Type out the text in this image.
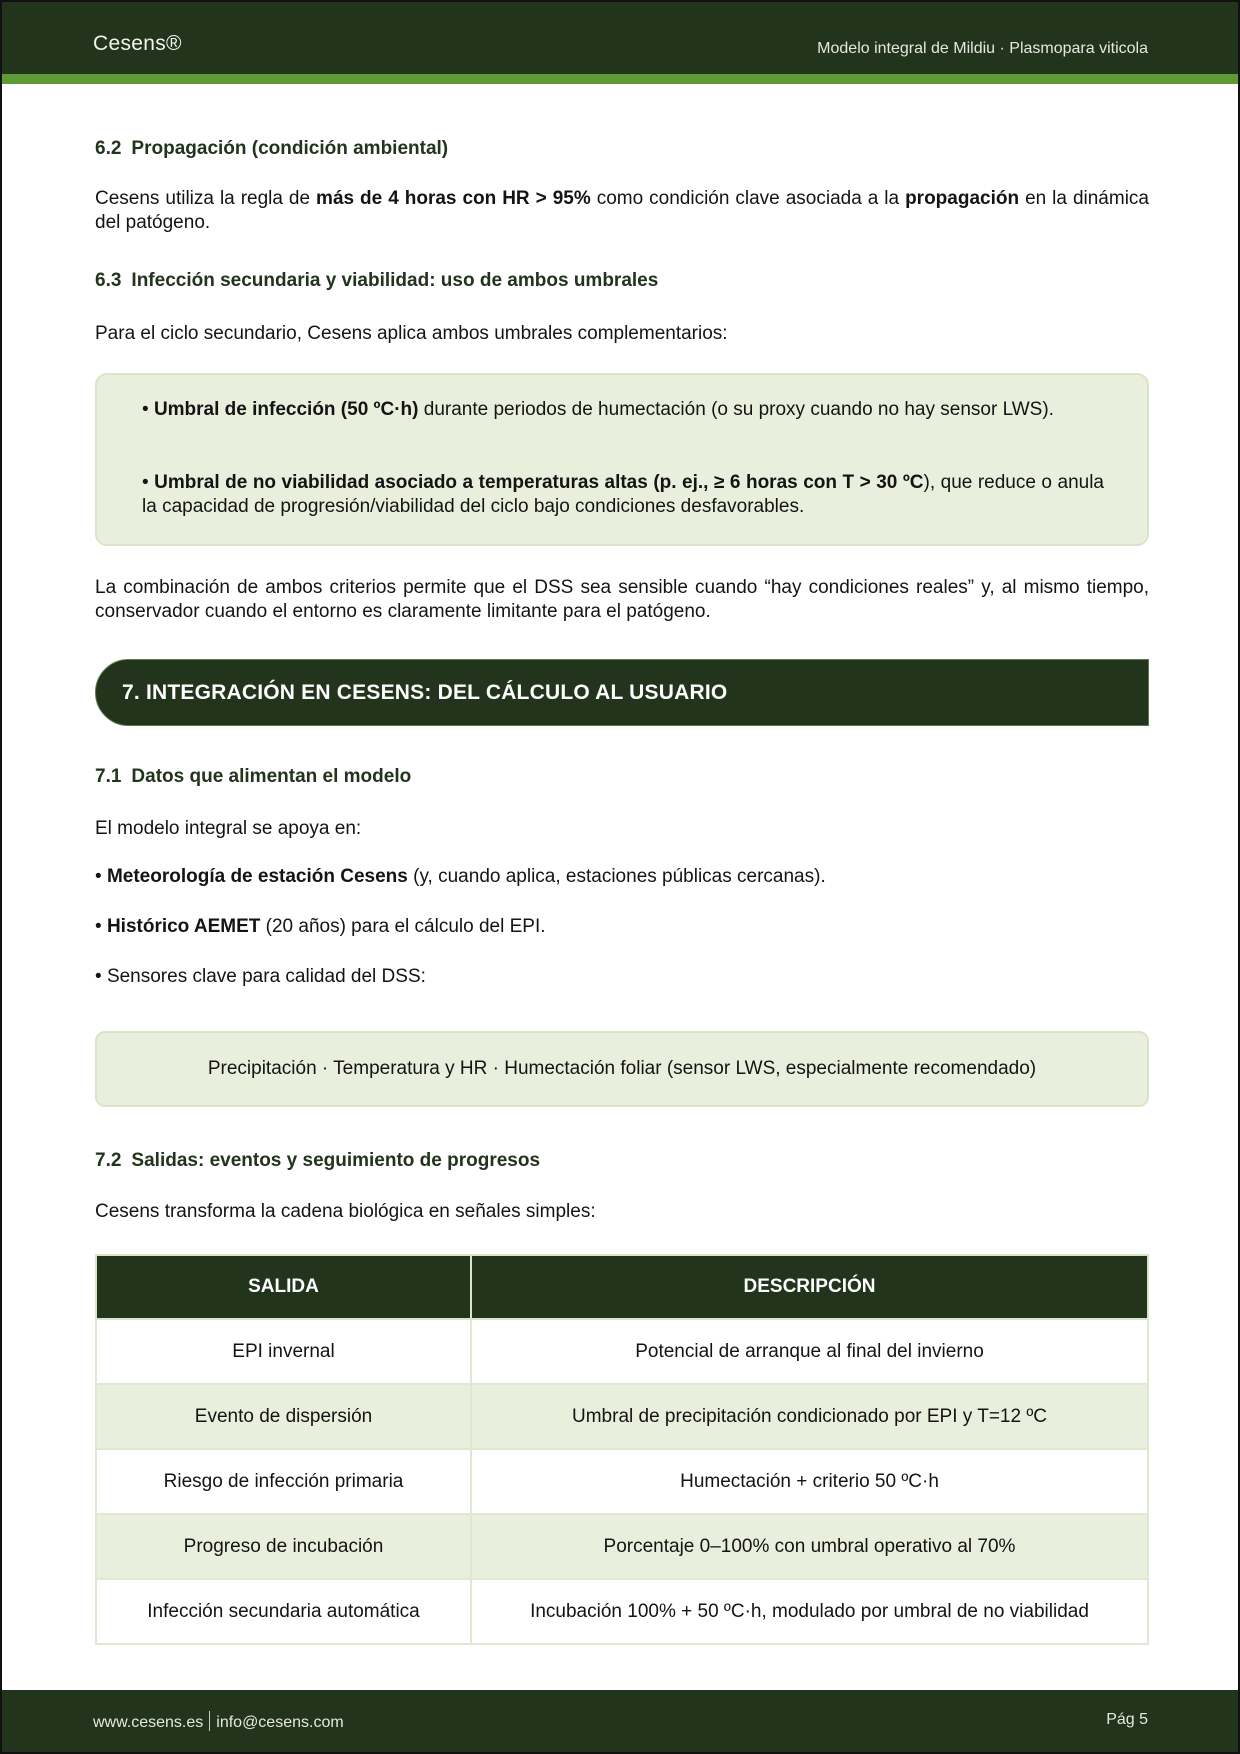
Cesens®	Modelo integral de Mildiu · Plasmopara viticola
6.2 Propagación (condición ambiental)
Cesens utiliza la regla de más de 4 horas con HR > 95% como condición clave asociada a la propagación en la dinámica del patógeno.
6.3 Infección secundaria y viabilidad: uso de ambos umbrales
Para el ciclo secundario, Cesens aplica ambos umbrales complementarios:
• Umbral de infección (50 ºC·h) durante periodos de humectación (o su proxy cuando no hay sensor LWS).
• Umbral de no viabilidad asociado a temperaturas altas (p. ej., ≥ 6 horas con T > 30 ºC), que reduce o anula la capacidad de progresión/viabilidad del ciclo bajo condiciones desfavorables.
La combinación de ambos criterios permite que el DSS sea sensible cuando “hay condiciones reales” y, al mismo tiempo, conservador cuando el entorno es claramente limitante para el patógeno.
7. INTEGRACIÓN EN CESENS: DEL CÁLCULO AL USUARIO
7.1 Datos que alimentan el modelo
El modelo integral se apoya en:
• Meteorología de estación Cesens (y, cuando aplica, estaciones públicas cercanas).
• Histórico AEMET (20 años) para el cálculo del EPI.
• Sensores clave para calidad del DSS:
Precipitación · Temperatura y HR · Humectación foliar (sensor LWS, especialmente recomendado)
7.2 Salidas: eventos y seguimiento de progresos
Cesens transforma la cadena biológica en señales simples:
SALIDA	DESCRIPCIÓN
EPI invernal	Potencial de arranque al final del invierno
Evento de dispersión	Umbral de precipitación condicionado por EPI y T=12 ºC
Riesgo de infección primaria	Humectación + criterio 50 ºC·h
Progreso de incubación	Porcentaje 0–100% con umbral operativo al 70%
Infección secundaria automática	Incubación 100% + 50 ºC·h, modulado por umbral de no viabilidad
www.cesens.es info@cesens.com	Pág 5
